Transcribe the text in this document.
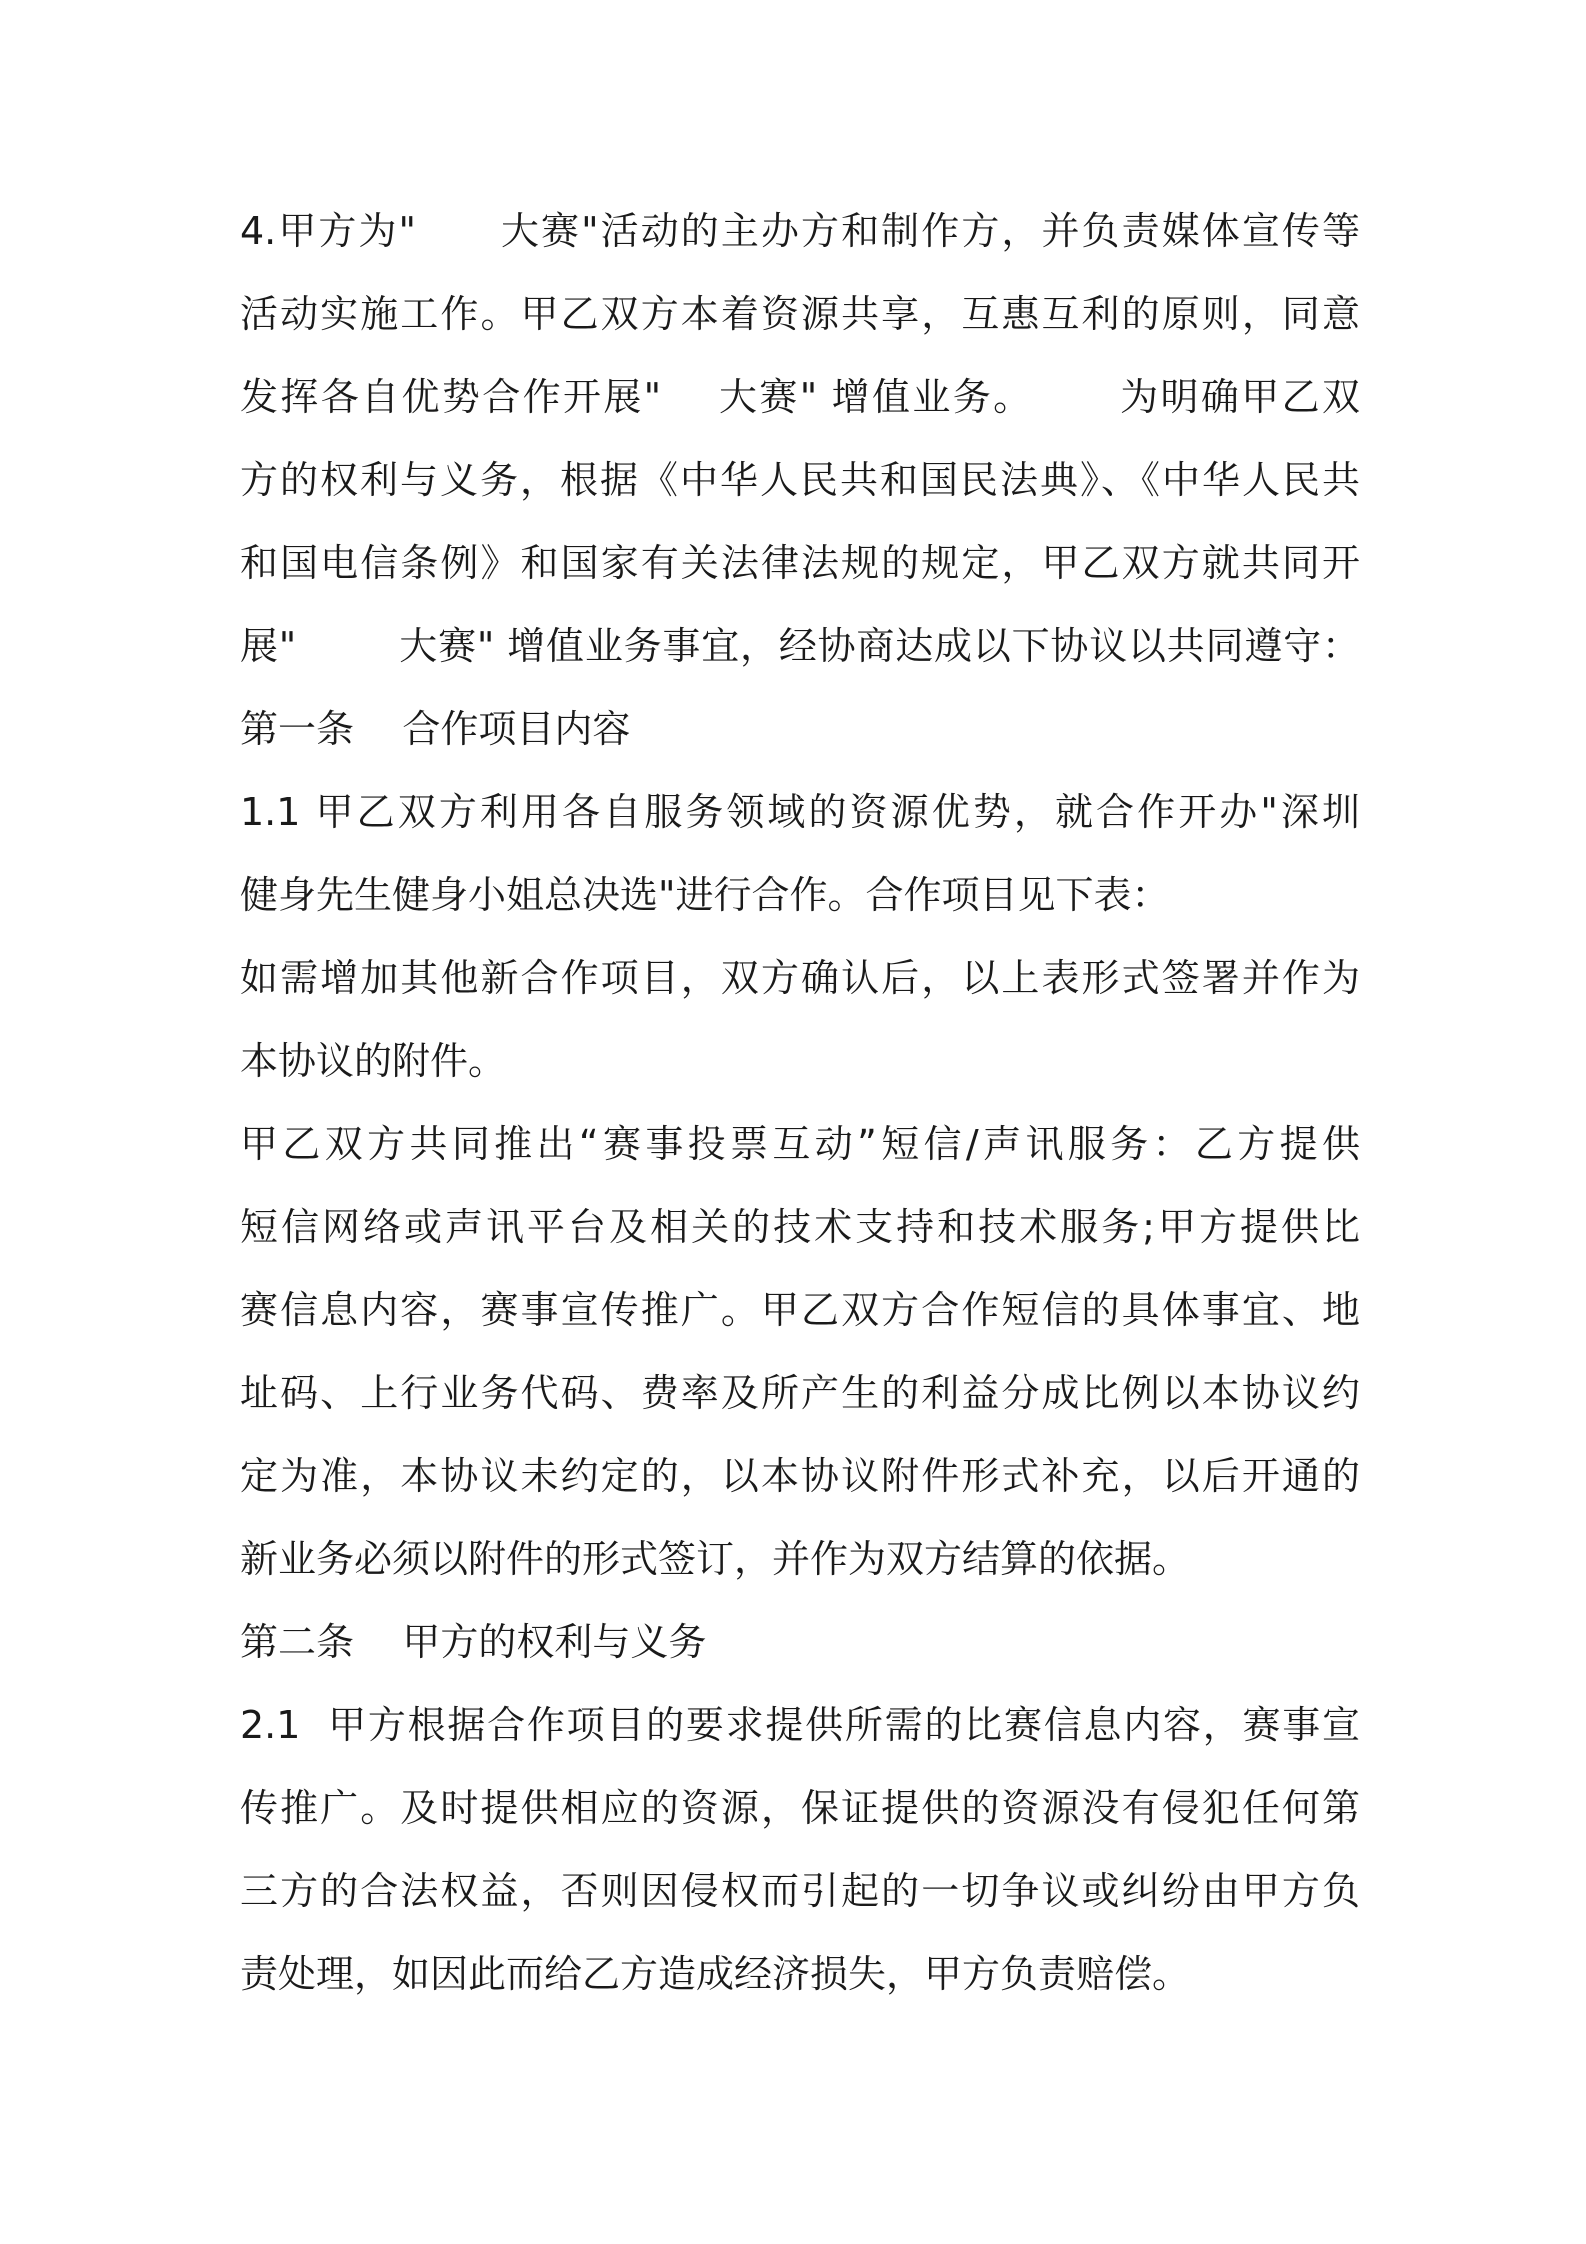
4.甲方为"      大赛"活动的主办方和制作方，并负责媒体宣传等
活动实施工作。甲乙双方本着资源共享，互惠互利的原则，同意
发挥各自优势合作开展"    大赛" 增值业务。      为明确甲乙双
方的权利与义务，根据《中华人民共和国民法典》、《中华人民共
和国电信条例》和国家有关法律法规的规定，甲乙双方就共同开
展"        大赛" 增值业务事宜，经协商达成以下协议以共同遵守：
第一条    合作项目内容
1.1 甲乙双方利用各自服务领域的资源优势，就合作开办"深圳
健身先生健身小姐总决选"进行合作。合作项目见下表：
如需增加其他新合作项目，双方确认后，以上表形式签署并作为
本协议的附件。
甲乙双方共同推出“赛事投票互动”短信/声讯服务：乙方提供
短信网络或声讯平台及相关的技术支持和技术服务;甲方提供比
赛信息内容，赛事宣传推广。甲乙双方合作短信的具体事宜、地
址码、上行业务代码、费率及所产生的利益分成比例以本协议约
定为准，本协议未约定的，以本协议附件形式补充，以后开通的
新业务必须以附件的形式签订，并作为双方结算的依据。
第二条    甲方的权利与义务
2.1  甲方根据合作项目的要求提供所需的比赛信息内容，赛事宣
传推广。及时提供相应的资源，保证提供的资源没有侵犯任何第
三方的合法权益，否则因侵权而引起的一切争议或纠纷由甲方负
责处理，如因此而给乙方造成经济损失，甲方负责赔偿。
